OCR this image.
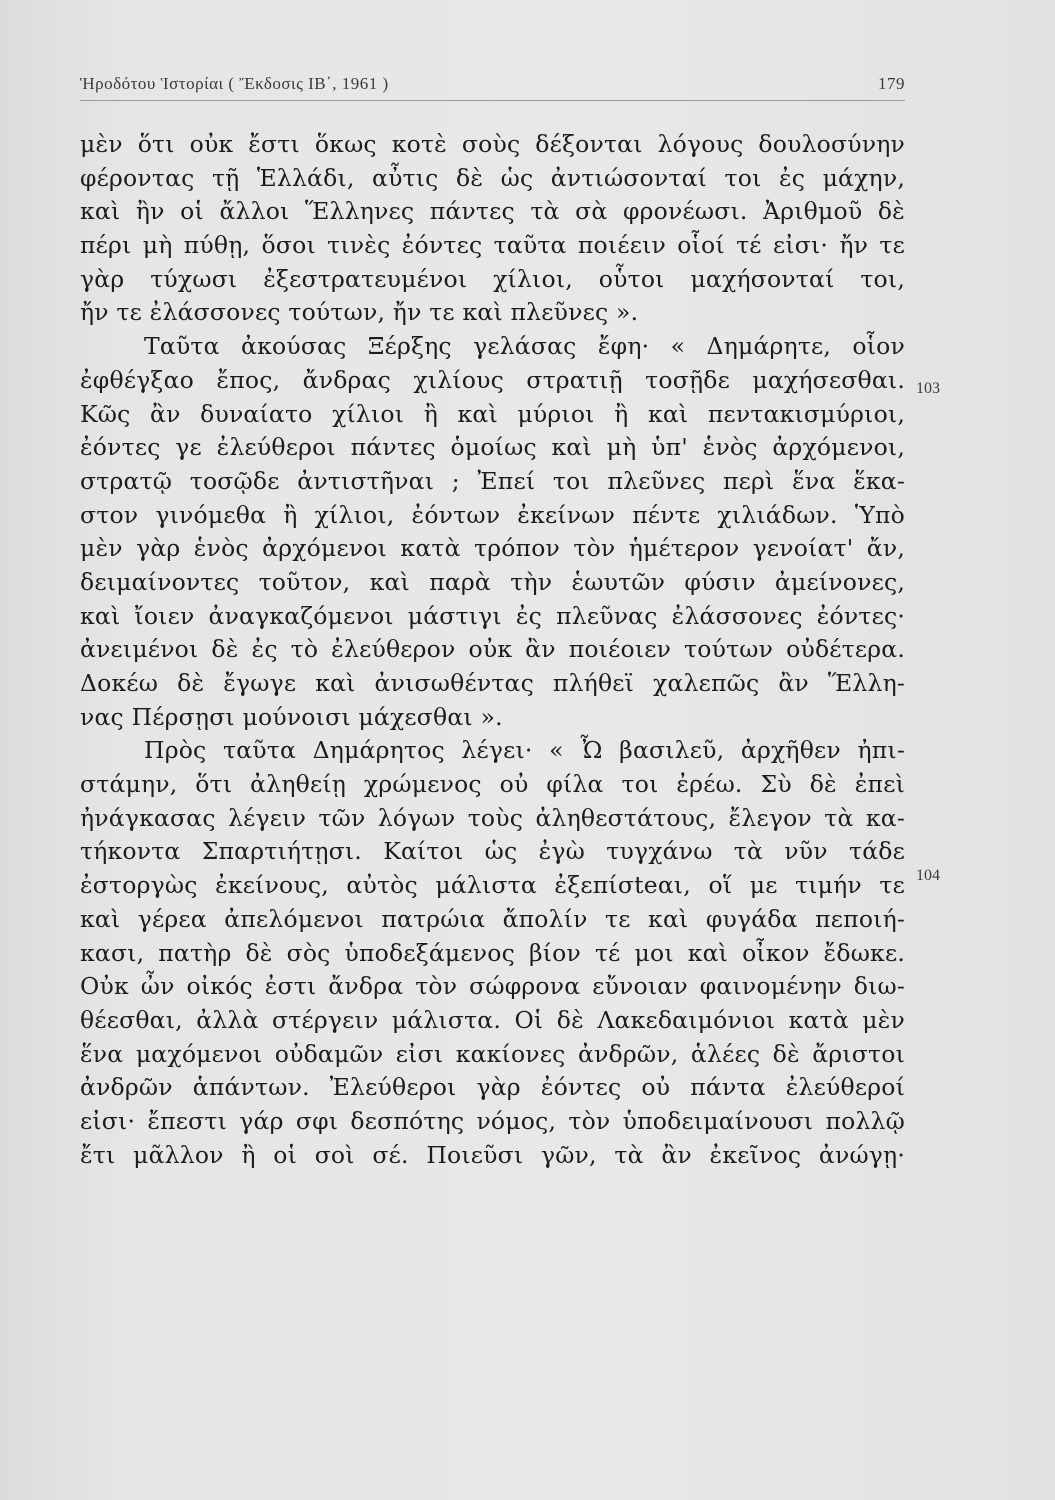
Ἡροδότου Ἱστορίαι ( Ἔκδοσις ΙΒ΄, 1961 )	179
μὲν ὅτι οὐκ ἔστι ὅκως κοτὲ σοὺς δέξονται λόγους δουλοσύνην
φέροντας τῇ Ἑλλάδι, αὖτις δὲ ὡς ἀντιώσονταί τοι ἐς μάχην,
καὶ ἢν οἱ ἄλλοι Ἕλληνες πάντες τὰ σὰ φρονέωσι. Ἀριθμοῦ δὲ
πέρι μὴ πύθῃ, ὅσοι τινὲς ἐόντες ταῦτα ποιέειν οἷοί τέ εἰσι· ἤν τε
γὰρ τύχωσι ἐξεστρατευμένοι χίλιοι, οὗτοι μαχήσονταί τοι,
ἤν τε ἐλάσσονες τούτων, ἤν τε καὶ πλεῦνες ».
Ταῦτα ἀκούσας Ξέρξης γελάσας ἔφη· « Δημάρητε, οἷον
ἐφθέγξαο ἔπος, ἄνδρας χιλίους στρατιῇ τοσῇδε μαχήσεσθαι.
Κῶς ἂν δυναίατο χίλιοι ἢ καὶ μύριοι ἢ καὶ πεντακισμύριοι,
ἐόντες γε ἐλεύθεροι πάντες ὁμοίως καὶ μὴ ὑπ' ἑνὸς ἀρχόμενοι,
στρατῷ τοσῷδε ἀντιστῆναι ; Ἐπεί τοι πλεῦνες περὶ ἕνα ἕκα-
στον γινόμεθα ἢ χίλιοι, ἐόντων ἐκείνων πέντε χιλιάδων. Ὑπὸ
μὲν γὰρ ἑνὸς ἀρχόμενοι κατὰ τρόπον τὸν ἡμέτερον γενοίατ' ἄν,
δειμαίνοντες τοῦτον, καὶ παρὰ τὴν ἑωυτῶν φύσιν ἀμείνονες,
καὶ ἴοιεν ἀναγκαζόμενοι μάστιγι ἐς πλεῦνας ἐλάσσονες ἐόντες·
ἀνειμένοι δὲ ἐς τὸ ἐλεύθερον οὐκ ἂν ποιέοιεν τούτων οὐδέτερα.
Δοκέω δὲ ἔγωγε καὶ ἀνισωθέντας πλήθεϊ χαλεπῶς ἂν Ἕλλη-
νας Πέρσῃσι μούνοισι μάχεσθαι ».
Πρὸς ταῦτα Δημάρητος λέγει· « Ὦ βασιλεῦ, ἀρχῆθεν ἠπι-
στάμην, ὅτι ἀληθείῃ χρώμενος οὐ φίλα τοι ἐρέω. Σὺ δὲ ἐπεὶ
ἠνάγκασας λέγειν τῶν λόγων τοὺς ἀληθεστάτους, ἔλεγον τὰ κα-
τήκοντα Σπαρτιήτῃσι. Καίτοι ὡς ἐγὼ τυγχάνω τὰ νῦν τάδε
ἐστοργὼς ἐκείνους, αὐτὸς μάλιστα ἐξεπίσteαι, οἵ με τιμήν τε
καὶ γέρεα ἀπελόμενοι πατρώια ἄπολίν τε καὶ φυγάδα πεποιή-
κασι, πατὴρ δὲ σὸς ὑποδεξάμενος βίον τέ μοι καὶ οἶκον ἔδωκε.
Οὐκ ὦν οἰκός ἐστι ἄνδρα τὸν σώφρονα εὔνοιαν φαινομένην διω-
θέεσθαι, ἀλλὰ στέργειν μάλιστα. Οἱ δὲ Λακεδαιμόνιοι κατὰ μὲν
ἕνα μαχόμενοι οὐδαμῶν εἰσι κακίονες ἀνδρῶν, ἁλέες δὲ ἄριστοι
ἀνδρῶν ἁπάντων. Ἐλεύθεροι γὰρ ἐόντες οὐ πάντα ἐλεύθεροί
εἰσι· ἔπεστι γάρ σφι δεσπότης νόμος, τὸν ὑποδειμαίνουσι πολλῷ
ἔτι μᾶλλον ἢ οἱ σοὶ σέ. Ποιεῦσι γῶν, τὰ ἂν ἐκεῖνος ἀνώγῃ·
103
104
